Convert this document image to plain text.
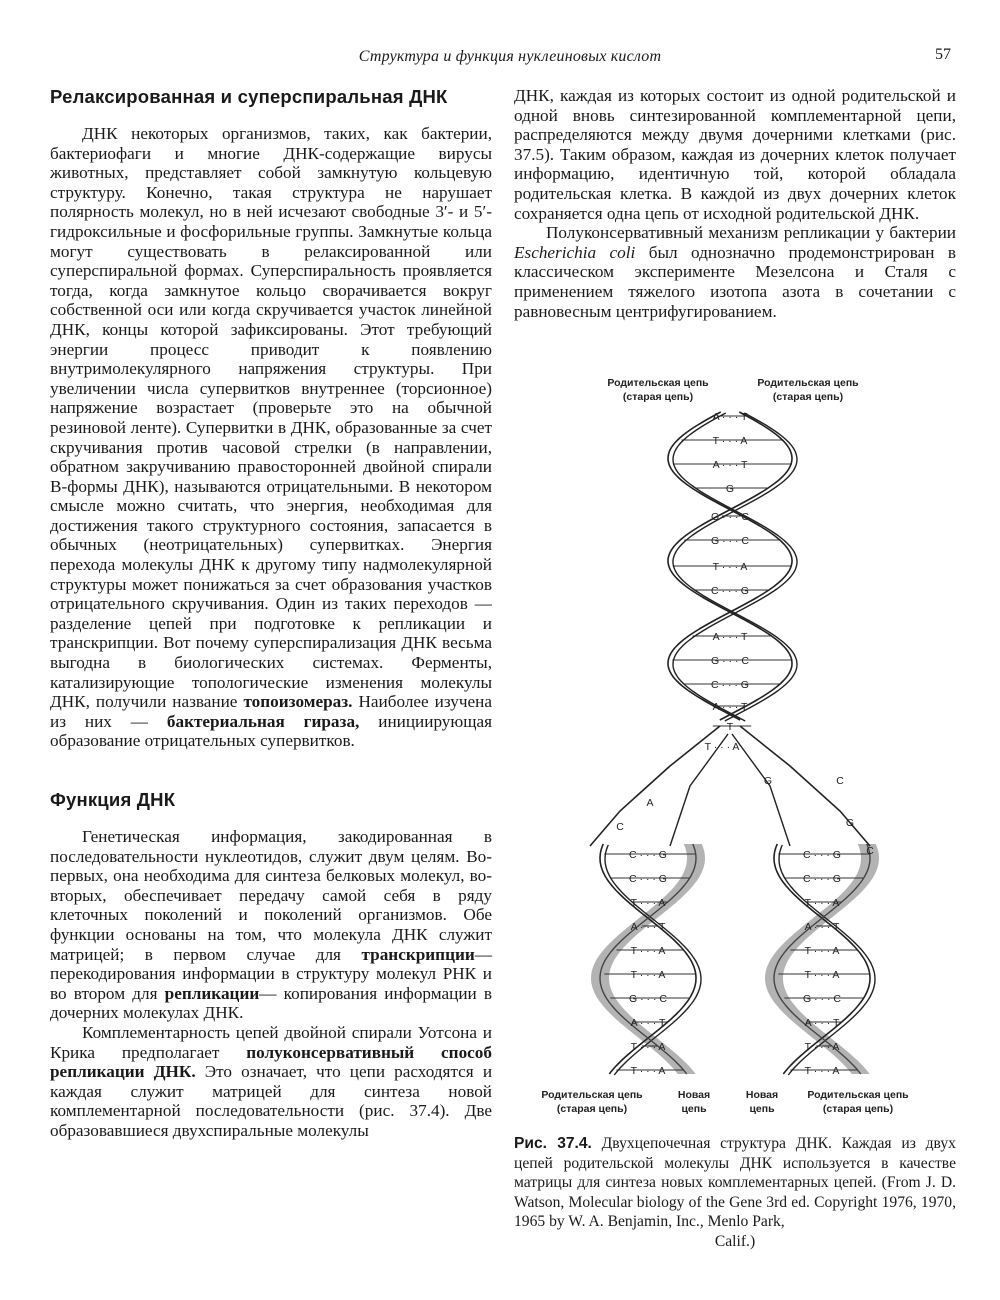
Структура и функция нуклеиновых кислот	57
Релаксированная и суперспиральная ДНК

ДНК некоторых организмов, таких, как бактерии, бактериофаги и многие ДНК-содержащие вирусы животных, представляет собой замкнутую кольцевую структуру. Конечно, такая структура не нарушает полярность молекул, но в ней исчезают свободные 3′- и 5′-гидроксильные и фосфорильные группы. Замкнутые кольца могут существовать в релаксированной или суперспиральной формах. Суперспиральность проявляется тогда, когда замкнутое кольцо сворачивается вокруг собственной оси или когда скручивается участок линейной ДНК, концы которой зафиксированы. Этот требующий энергии процесс приводит к появлению внутримолекулярного напряжения структуры. При увеличении числа супервитков внутреннее (торсионное) напряжение возрастает (проверьте это на обычной резиновой ленте). Супервитки в ДНК, образованные за счет скручивания против часовой стрелки (в направлении, обратном закручиванию правосторонней двойной спирали B-формы ДНК), называются отрицательными. В некотором смысле можно считать, что энергия, необходимая для достижения такого структурного состояния, запасается в обычных (неотрицательных) супервитках. Энергия перехода молекулы ДНК к другому типу надмолекулярной структуры может понижаться за счет образования участков отрицательного скручивания. Один из таких переходов — разделение цепей при подготовке к репликации и транскрипции. Вот почему суперспирализация ДНК весьма выгодна в биологических системах. Ферменты, катализирующие топологические изменения молекулы ДНК, получили название топоизомераз. Наиболее изучена из них — бактериальная гираза, инициирующая образование отрицательных супервитков.

Функция ДНК

Генетическая информация, закодированная в последовательности нуклеотидов, служит двум целям. Во-первых, она необходима для синтеза белковых молекул, во-вторых, обеспечивает передачу самой себя в ряду клеточных поколений и поколений организмов. Обе функции основаны на том, что молекула ДНК служит матрицей; в первом случае для транскрипции— перекодирования информации в структуру молекул РНК и во втором для репликации— копирования информации в дочерних молекулах ДНК.

Комплементарность цепей двойной спирали Уотсона и Крика предполагает полуконсервативный способ репликации ДНК. Это означает, что цепи расходятся и каждая служит матрицей для синтеза новой комплементарной последовательности (рис. 37.4). Две образовавшиеся двухспиральные молекулы

ДНК, каждая из которых состоит из одной родительской и одной вновь синтезированной комплементарной цепи, распределяются между двумя дочерними клетками (рис. 37.5). Таким образом, каждая из дочерних клеток получает информацию, идентичную той, которой обладала родительская клетка. В каждой из двух дочерних клеток сохраняется одна цепь от исходной родительской ДНК.

Полуконсервативный механизм репликации у бактерии Escherichia coli был однозначно продемонстрирован в классическом эксперименте Мезелсона и Сталя с применением тяжелого изотопа азота в сочетании с равновесным центрифугированием.

A · · · T
T · · · A
A · · · T
G
G · · · C
G · · · C
T · · · A
C · · · G
A · · · T
G · · · C
C · · · G
A · · · T
T
T · · · A
G	C
A
G
C
C
C · · · G
C · · · G
T · · · A
A · · · T
T · · · A
T · · · A
G · · · C
A · · · T
T · · · A
T · · · A
C · · · G
C · · · G
T · · · A
A · · · T
T · · · A
T · · · A
G · · · C
A · · · T
T · · · A
T · · · A
Родительская цепь
(старая цепь)
Родительская цепь
(старая цепь)
Родительская цепь
(старая цепь)
Новая
цепь
Новая
цепь
Родительская цепь
(старая цепь)
Рис. 37.4. Двухцепочечная структура ДНК. Каждая из двух цепей родительской молекулы ДНК используется в качестве матрицы для синтеза новых комплементарных цепей. (From J. D. Watson, Molecular biology of the Gene 3rd ed. Copyright 1976, 1970, 1965 by W. A. Benjamin, Inc., Menlo Park,
Calif.)
